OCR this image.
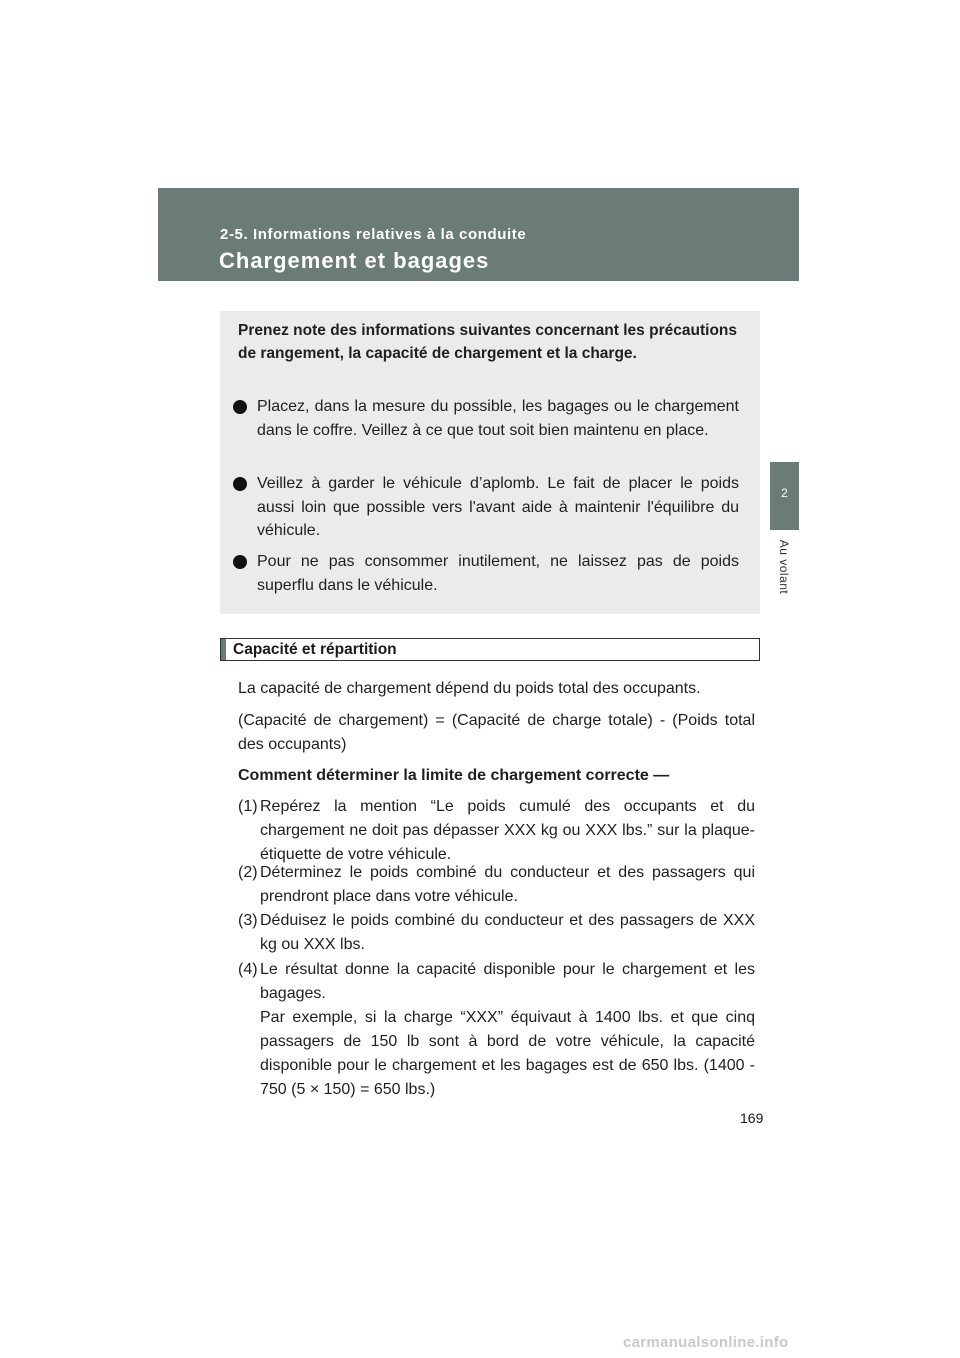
2-5. Informations relatives à la conduite
Chargement et bagages
2
Au volant
Prenez note des informations suivantes concernant les précautions de rangement, la capacité de chargement et la charge.
Placez, dans la mesure du possible, les bagages ou le chargement dans le coffre. Veillez à ce que tout soit bien maintenu en place.
Veillez à garder le véhicule d’aplomb. Le fait de placer le poids aussi loin que possible vers l'avant aide à maintenir l'équilibre du véhicule.
Pour ne pas consommer inutilement, ne laissez pas de poids superflu dans le véhicule.
Capacité et répartition
La capacité de chargement dépend du poids total des occupants.
(Capacité de chargement) = (Capacité de charge totale) - (Poids total des occupants)
Comment déterminer la limite de chargement correcte —
(1) Repérez la mention “Le poids cumulé des occupants et du chargement ne doit pas dépasser XXX kg ou XXX lbs.” sur la plaque-étiquette de votre véhicule.
(2) Déterminez le poids combiné du conducteur et des passagers qui prendront place dans votre véhicule.
(3) Déduisez le poids combiné du conducteur et des passagers de XXX kg ou XXX lbs.
(4) Le résultat donne la capacité disponible pour le chargement et les bagages.
Par exemple, si la charge “XXX” équivaut à 1400 lbs. et que cinq passagers de 150 lb sont à bord de votre véhicule, la capacité disponible pour le chargement et les bagages est de 650 lbs. (1400 - 750 (5 × 150) = 650 lbs.)
169
carmanualsonline.info
